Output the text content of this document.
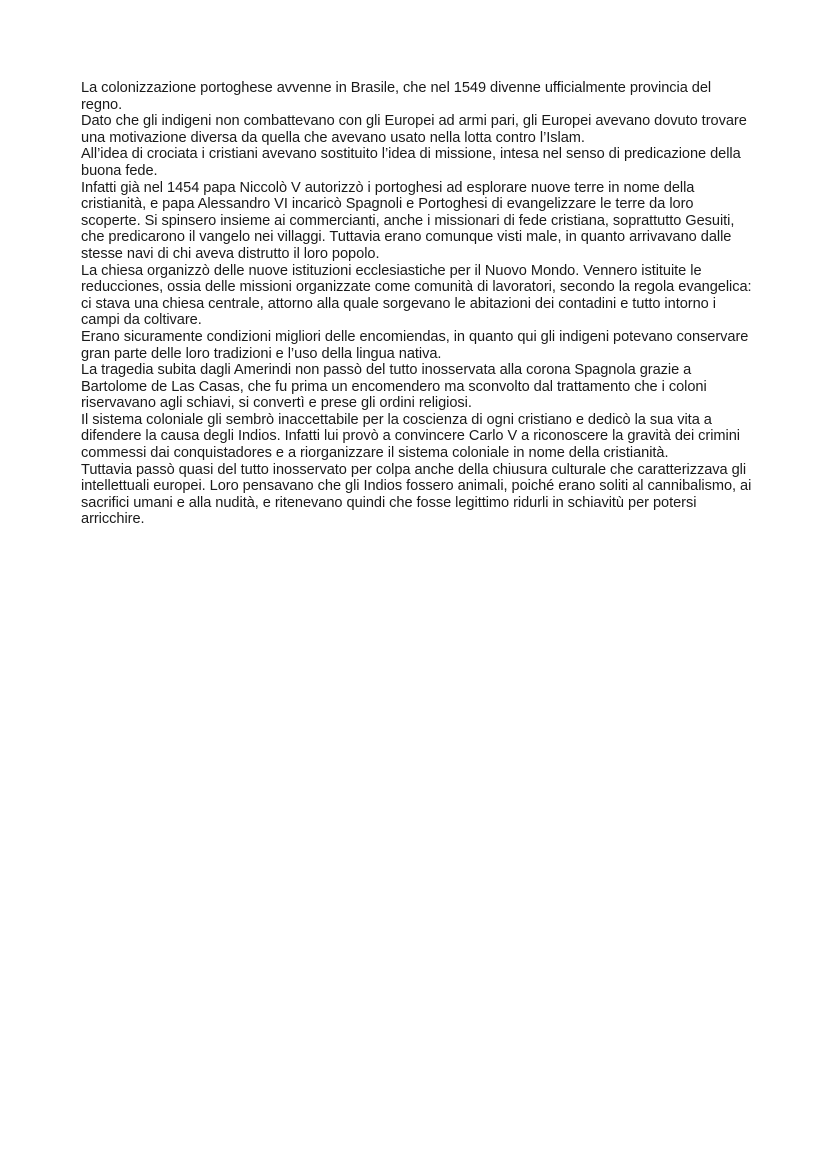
La colonizzazione portoghese avvenne in Brasile, che nel 1549 divenne ufficialmente provincia del regno.

Dato che gli indigeni non combattevano con gli Europei ad armi pari, gli Europei avevano dovuto trovare una motivazione diversa da quella che avevano usato nella lotta contro l’Islam.

All’idea di crociata i cristiani avevano sostituito l’idea di missione, intesa nel senso di predicazione della buona fede.

Infatti già nel 1454 papa Niccolò V autorizzò i portoghesi ad esplorare nuove terre in nome della cristianità, e papa Alessandro VI incaricò Spagnoli e Portoghesi di evangelizzare le terre da loro scoperte. Si spinsero insieme ai commercianti, anche i missionari di fede cristiana, soprattutto Gesuiti, che predicarono il vangelo nei villaggi. Tuttavia erano comunque visti male, in quanto arrivavano dalle stesse navi di chi aveva distrutto il loro popolo.

La chiesa organizzò delle nuove istituzioni ecclesiastiche per il Nuovo Mondo. Vennero istituite le reducciones, ossia delle missioni organizzate come comunità di lavoratori, secondo la regola evangelica: ci stava una chiesa centrale, attorno alla quale sorgevano le abitazioni dei contadini e tutto intorno i campi da coltivare.

Erano sicuramente condizioni migliori delle encomiendas, in quanto qui gli indigeni potevano conservare gran parte delle loro tradizioni e l’uso della lingua nativa.

La tragedia subita dagli Amerindi non passò del tutto inosservata alla corona Spagnola grazie a Bartolome de Las Casas, che fu prima un encomendero ma sconvolto dal trattamento che i coloni riservavano agli schiavi, si convertì e prese gli ordini religiosi.

Il sistema coloniale gli sembrò inaccettabile per la coscienza di ogni cristiano e dedicò la sua vita a difendere la causa degli Indios. Infatti lui provò a convincere Carlo V a riconoscere la gravità dei crimini commessi dai conquistadores e a riorganizzare il sistema coloniale in nome della cristianità.

Tuttavia passò quasi del tutto inosservato per colpa anche della chiusura culturale che caratterizzava gli intellettuali europei. Loro pensavano che gli Indios fossero animali, poiché erano soliti al cannibalismo, ai sacrifici umani e alla nudità, e ritenevano quindi che fosse legittimo ridurli in schiavitù per potersi arricchire.
